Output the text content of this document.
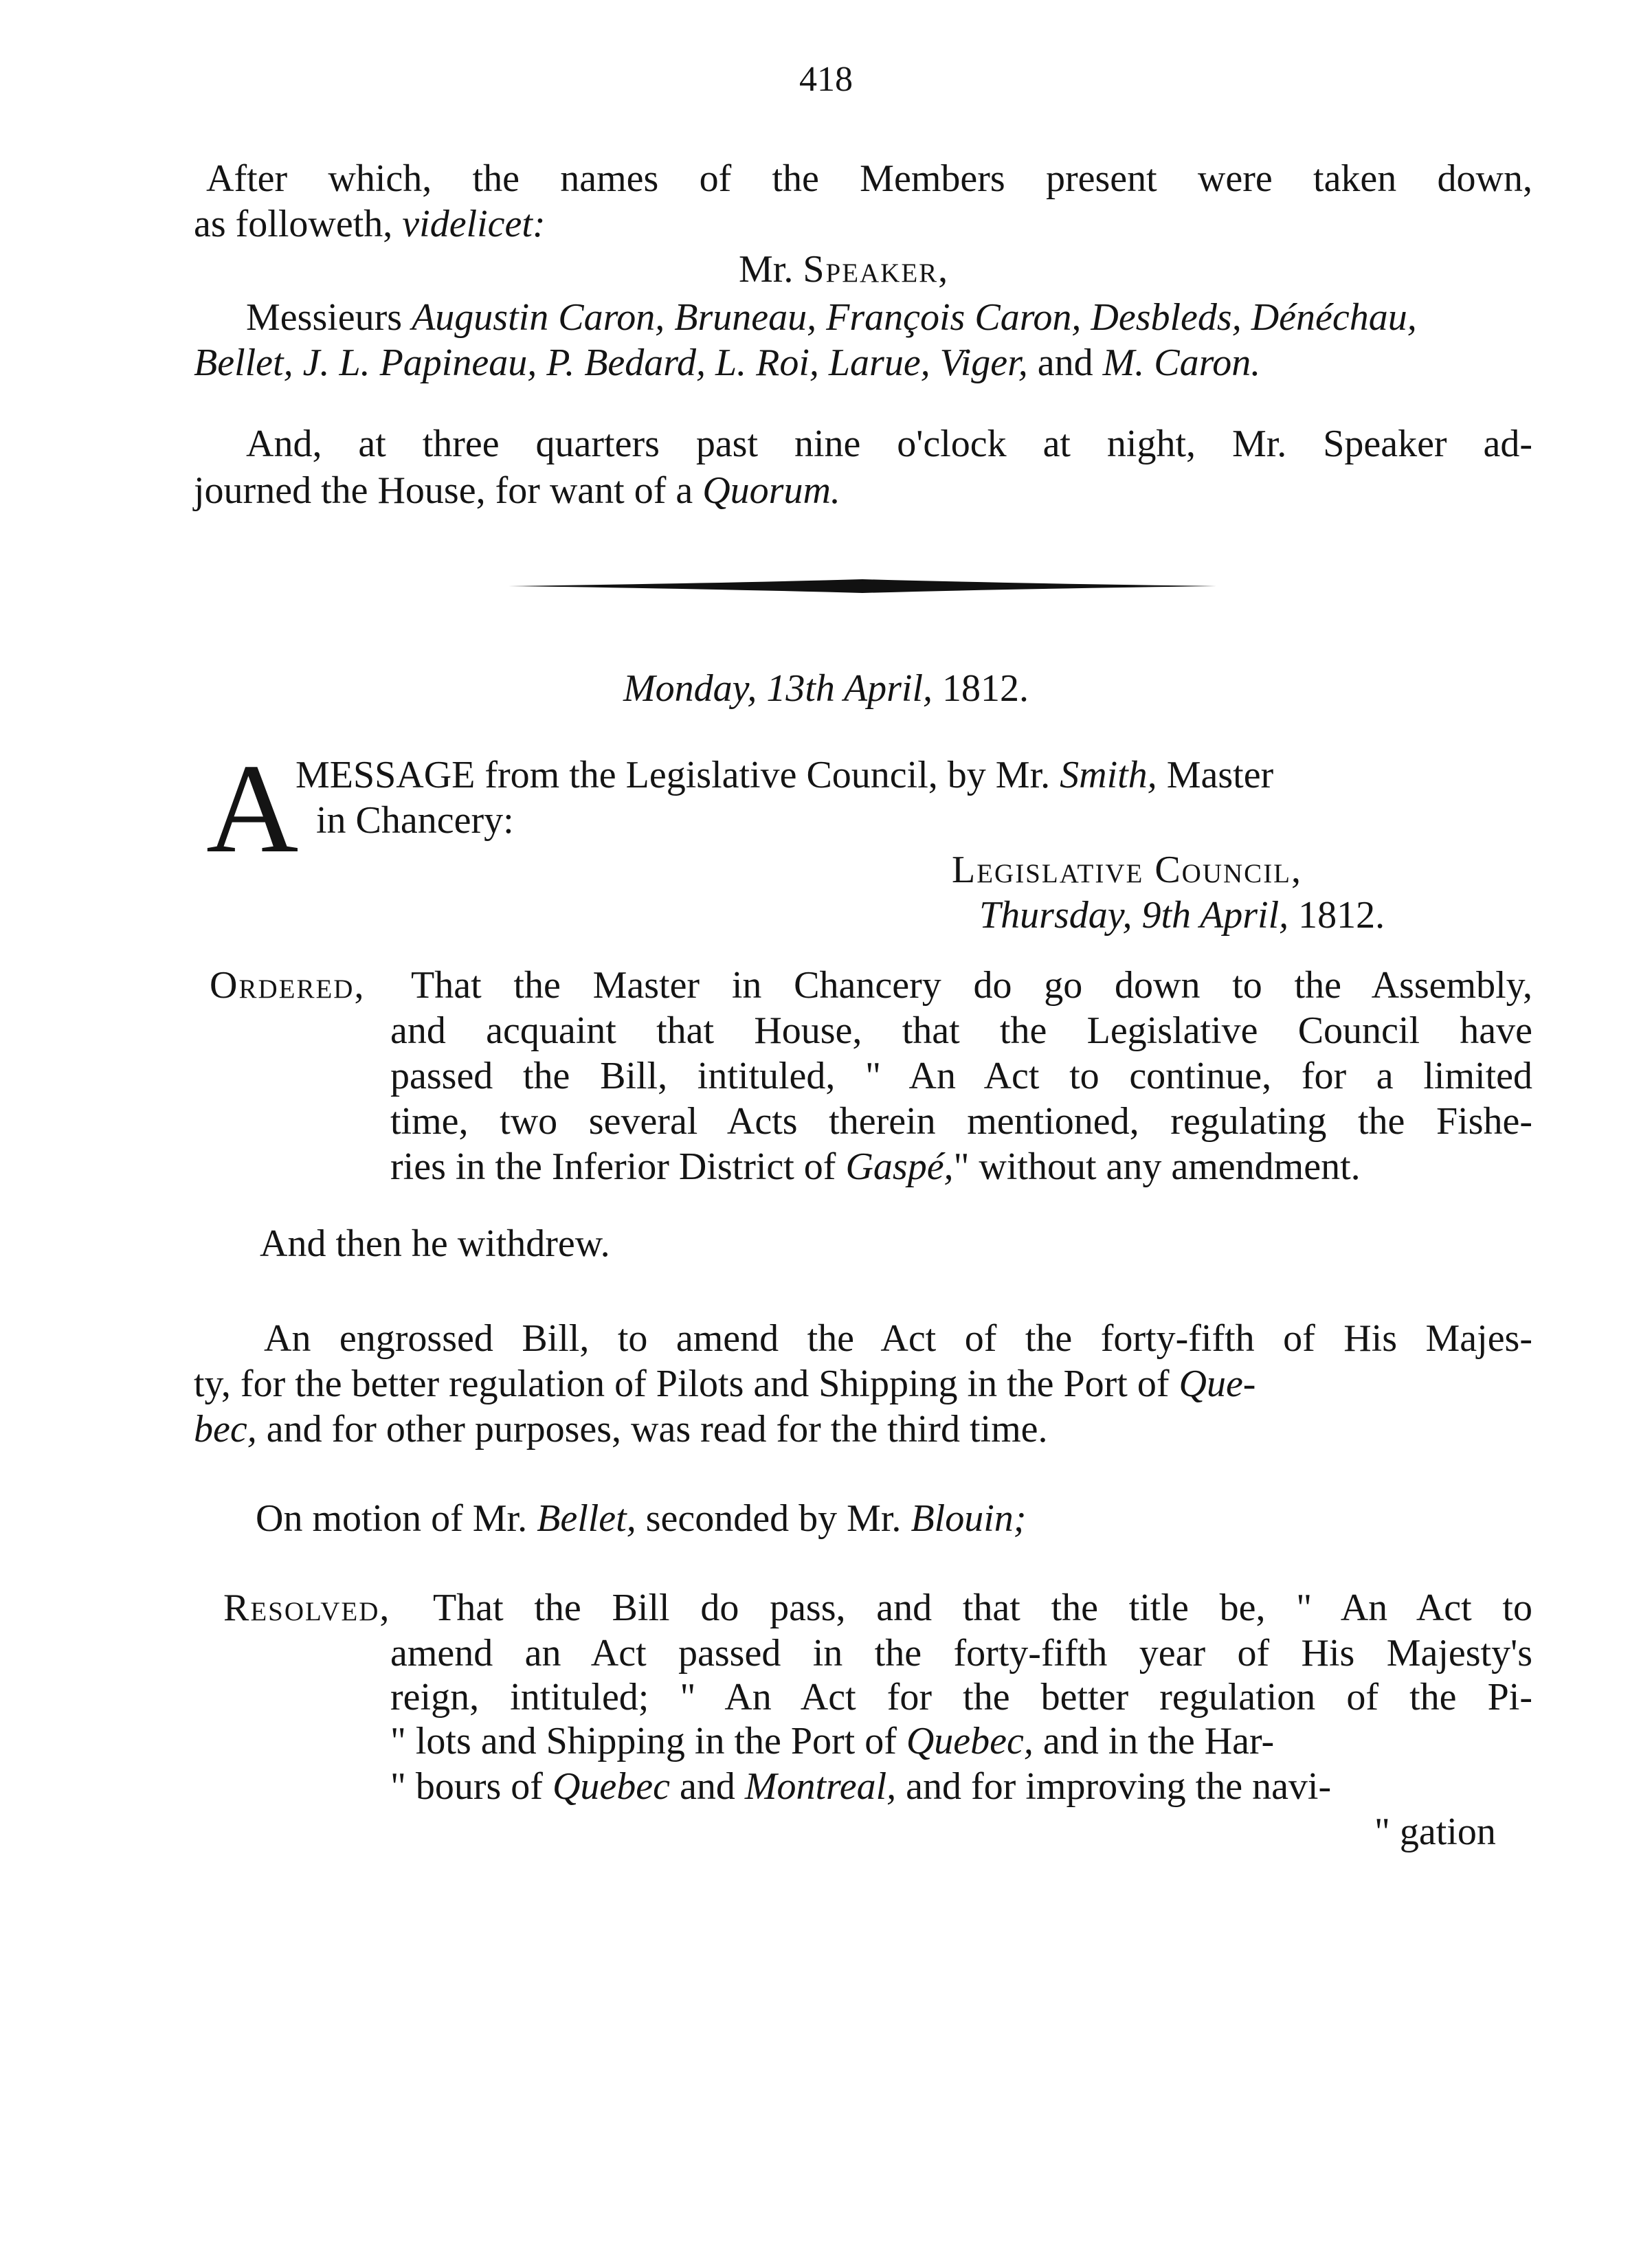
418
After which, the names of the Members present were taken down,
as followeth, videlicet:
Mr. Speaker,
Messieurs Augustin Caron, Bruneau, François Caron, Desbleds, Dénéchau,
Bellet, J. L. Papineau, P. Bedard, L. Roi, Larue, Viger, and M. Caron.
And, at three quarters past nine o'clock at night, Mr. Speaker ad-
journed the House, for want of a Quorum.
Monday, 13th April, 1812.
A
MESSAGE from the Legislative Council, by Mr. Smith, Master
in Chancery:
Legislative Council,
Thursday, 9th April, 1812.
Ordered, That the Master in Chancery do go down to the Assembly,
and acquaint that House, that the Legislative Council have
passed the Bill, intituled, " An Act to continue, for a limited
time, two several Acts therein mentioned, regulating the Fishe-
ries in the Inferior District of Gaspé," without any amendment.
And then he withdrew.
An engrossed Bill, to amend the Act of the forty-fifth of His Majes-
ty, for the better regulation of Pilots and Shipping in the Port of Que-
bec, and for other purposes, was read for the third time.
On motion of Mr. Bellet, seconded by Mr. Blouin;
Resolved, That the Bill do pass, and that the title be, " An Act to
amend an Act passed in the forty-fifth year of His Majesty's
reign, intituled; " An Act for the better regulation of the Pi-
" lots and Shipping in the Port of Quebec, and in the Har-
" bours of Quebec and Montreal, and for improving the navi-
" gation
